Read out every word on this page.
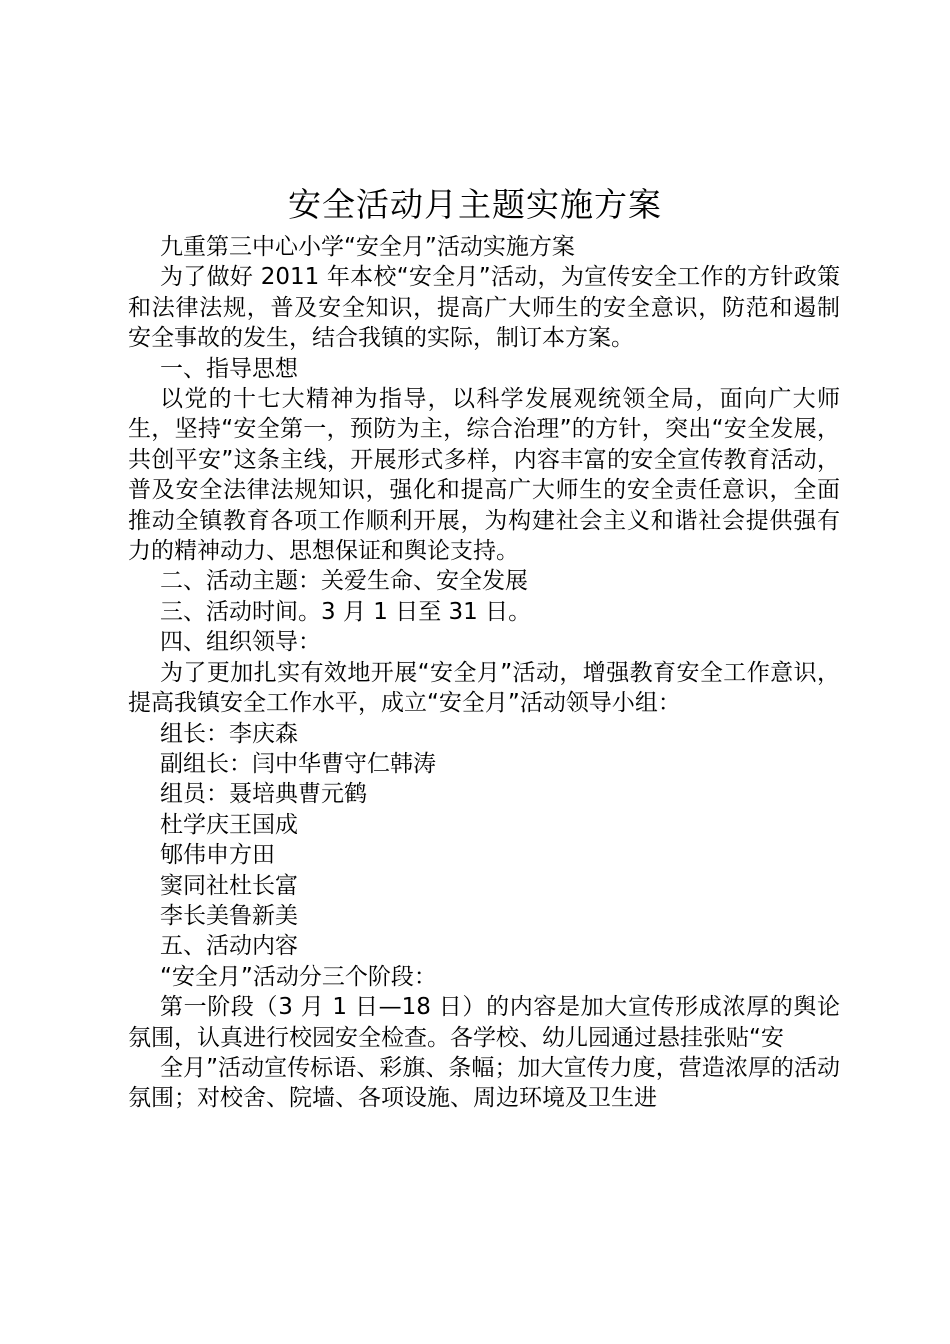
安全活动月主题实施方案

九重第三中心小学“安全月”活动实施方案

为了做好 2011 年本校“安全月”活动，为宣传安全工作的方针政策和法律法规，普及安全知识，提高广大师生的安全意识，防范和遏制安全事故的发生，结合我镇的实际，制订本方案。

一、指导思想

以党的十七大精神为指导，以科学发展观统领全局，面向广大师生，坚持“安全第一，预防为主，综合治理”的方针，突出“安全发展，共创平安”这条主线，开展形式多样，内容丰富的安全宣传教育活动，普及安全法律法规知识，强化和提高广大师生的安全责任意识，全面推动全镇教育各项工作顺利开展，为构建社会主义和谐社会提供强有力的精神动力、思想保证和舆论支持。

二、活动主题：关爱生命、安全发展

三、活动时间。3 月 1 日至 31 日。

四、组织领导：

为了更加扎实有效地开展“安全月”活动，增强教育安全工作意识，提高我镇安全工作水平，成立“安全月”活动领导小组：

组长：李庆森

副组长：闫中华曹守仁韩涛

组员：聂培典曹元鹤

杜学庆王国成

郇伟申方田

窦同社杜长富

李长美鲁新美

五、活动内容

“安全月”活动分三个阶段：

第一阶段（3 月 1 日—18 日）的内容是加大宣传形成浓厚的舆论氛围，认真进行校园安全检查。各学校、幼儿园通过悬挂张贴“安

全月”活动宣传标语、彩旗、条幅；加大宣传力度，营造浓厚的活动氛围；对校舍、院墙、各项设施、周边环境及卫生进
